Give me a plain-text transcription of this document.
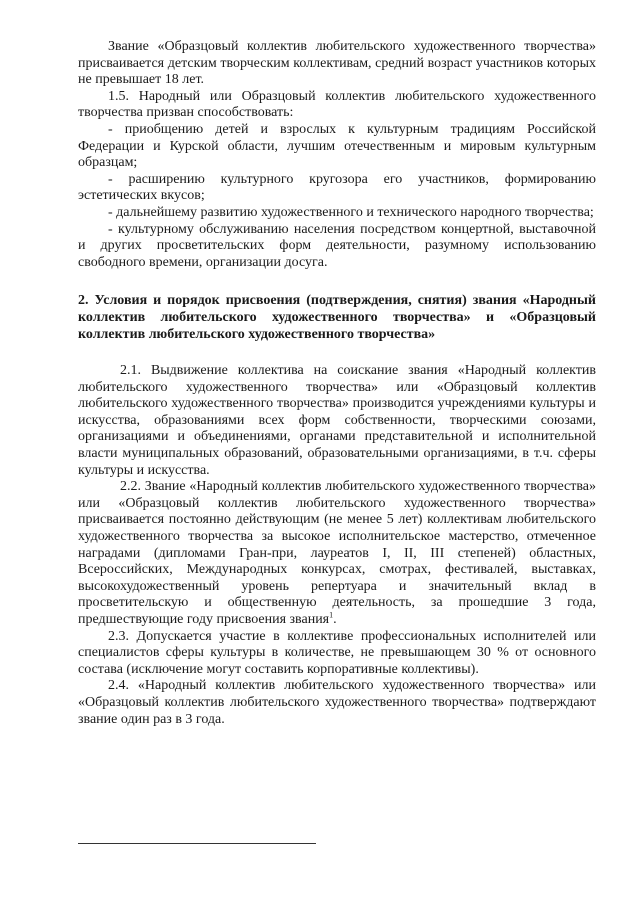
Звание «Образцовый коллектив любительского художественного творчества» присваивается детским творческим коллективам, средний возраст участников которых не превышает 18 лет.

1.5. Народный или Образцовый коллектив любительского художественного творчества призван способствовать:

- приобщению детей и взрослых к культурным традициям Российской Федерации и Курской области, лучшим отечественным и мировым культурным образцам;

- расширению культурного кругозора его участников, формированию эстетических вкусов;

- дальнейшему развитию художественного и технического народного творчества;

- культурному обслуживанию населения посредством концертной, выставочной и других просветительских форм деятельности, разумному использованию свободного времени, организации досуга.

2. Условия и порядок присвоения (подтверждения, снятия) звания «Народный коллектив любительского художественного творчества» и «Образцовый коллектив любительского художественного творчества»

2.1. Выдвижение коллектива на соискание звания «Народный коллектив любительского художественного творчества» или «Образцовый коллектив любительского художественного творчества» производится учреждениями культуры и искусства, образованиями всех форм собственности, творческими союзами, организациями и объединениями, органами представительной и исполнительной власти муниципальных образований, образовательными организациями, в т.ч. сферы культуры и искусства.

2.2. Звание «Народный коллектив любительского художественного творчества» или «Образцовый коллектив любительского художественного творчества» присваивается постоянно действующим (не менее 5 лет) коллективам любительского художественного творчества за высокое исполнительское мастерство, отмеченное наградами (дипломами Гран-при, лауреатов I, II, III степеней) областных, Всероссийских, Международных конкурсах, смотрах, фестивалей, выставках, высокохудожественный уровень репертуара и значительный вклад в просветительскую и общественную деятельность, за прошедшие 3 года, предшествующие году присвоения звания$^1$.

2.3. Допускается участие в коллективе профессиональных исполнителей или специалистов сферы культуры в количестве, не превышающем 30 % от основного состава (исключение могут составить корпоративные коллективы).

2.4. «Народный коллектив любительского художественного творчества» или «Образцовый коллектив любительского художественного творчества» подтверждают звание один раз в 3 года.
